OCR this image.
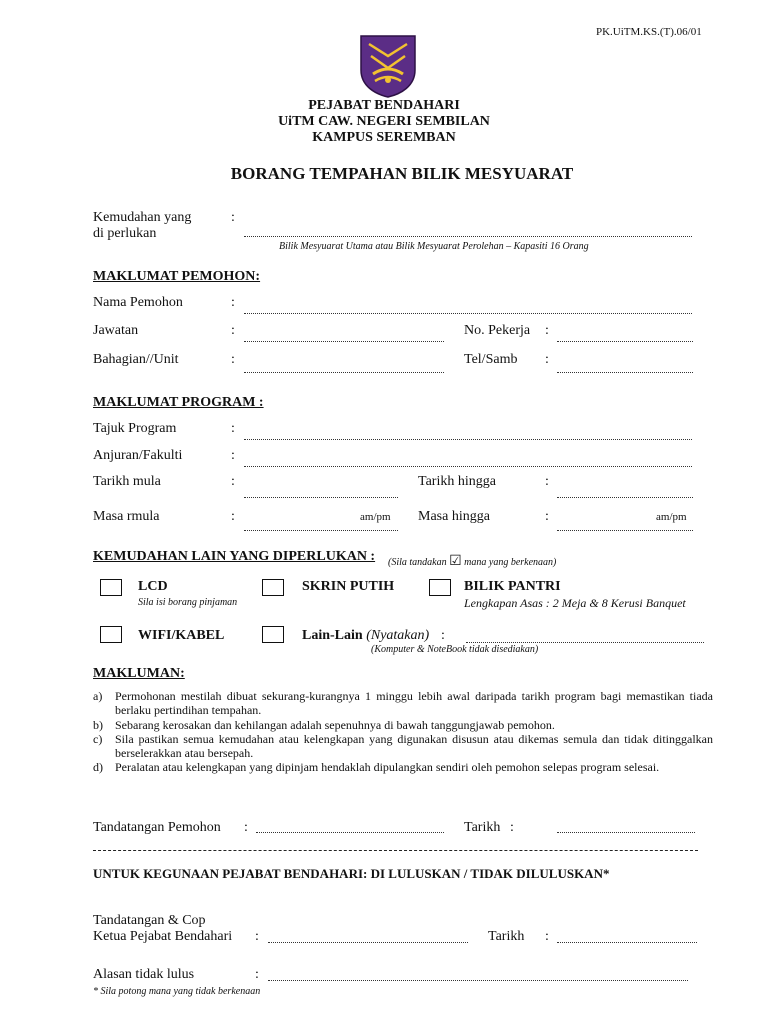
PK.UiTM.KS.(T).06/01
PEJABAT BENDAHARI
UiTM CAW. NEGERI SEMBILAN
KAMPUS SEREMBAN
BORANG TEMPAHAN BILIK MESYUARAT
Kemudahan yang
di perlukan
:
Bilik Mesyuarat Utama atau Bilik Mesyuarat Perolehan – Kapasiti 16 Orang
MAKLUMAT PEMOHON:
Nama Pemohon	:
Jawatan	:	No. Pekerja :
Bahagian//Unit	:	Tel/Samb :
MAKLUMAT PROGRAM :
Tajuk Program	:
Anjuran/Fakulti	:
Tarikh mula	:	Tarikh hingga	:
Masa rmula	:	am/pm Masa hingga	:	am/pm
KEMUDAHAN LAIN YANG DIPERLUKAN : (Sila tandakan ☑ mana yang berkenaan)
LCD
Sila isi borang pinjaman
SKRIN PUTIH	BILIK PANTRI
Lengkapan Asas : 2 Meja & 8 Kerusi Banquet
WIFI/KABEL	Lain-Lain (Nyatakan) :
(Komputer & NoteBook tidak disediakan)
MAKLUMAN:
a)	Permohonan mestilah dibuat sekurang-kurangnya 1 minggu lebih awal daripada tarikh program bagi memastikan tiada berlaku pertindihan tempahan.
b)	Sebarang kerosakan dan kehilangan adalah sepenuhnya di bawah tanggungjawab pemohon.
c)	Sila pastikan semua kemudahan atau kelengkapan yang digunakan disusun atau dikemas semula dan tidak ditinggalkan berselerakkan atau bersepah.
d)	Peralatan atau kelengkapan yang dipinjam hendaklah dipulangkan sendiri oleh pemohon selepas program selesai.
Tandatangan Pemohon :	Tarikh :
UNTUK KEGUNAAN PEJABAT BENDAHARI: DI LULUSKAN / TIDAK DILULUSKAN*
Tandatangan & Cop
Ketua Pejabat Bendahari :	Tarikh :
Alasan tidak lulus	:
* Sila potong mana yang tidak berkenaan
